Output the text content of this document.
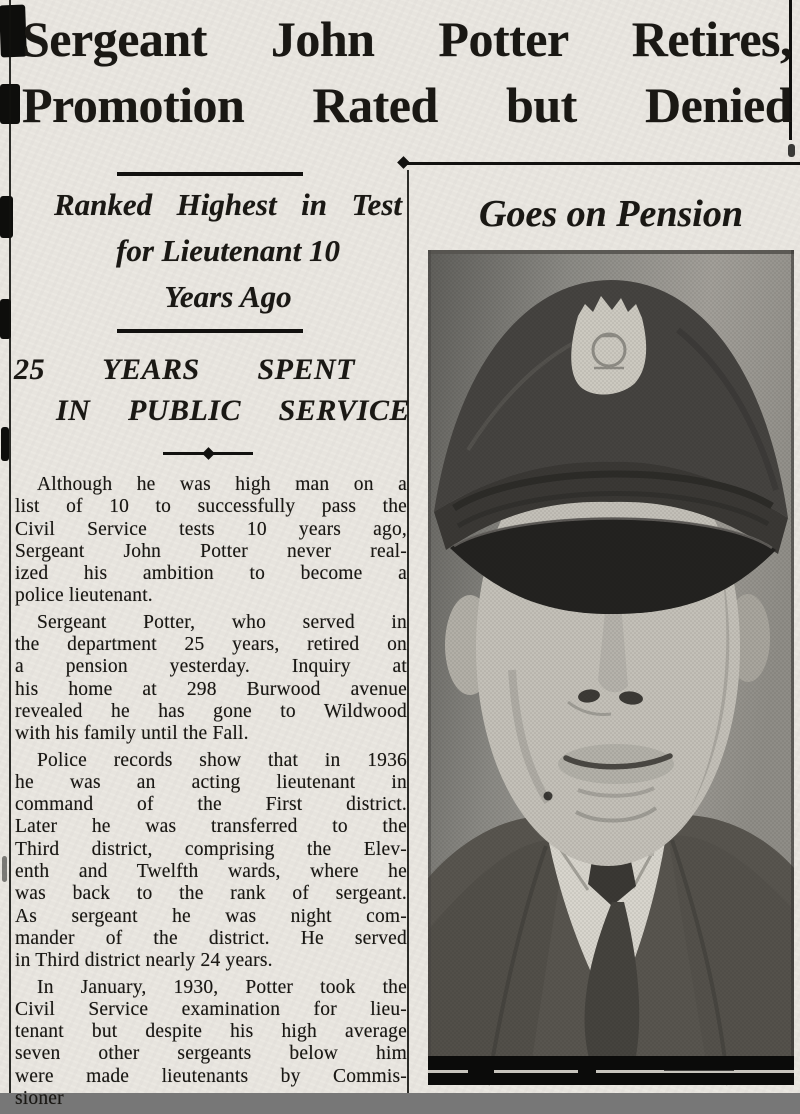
Sergeant John Potter Retires,
Promotion Rated but Denied
Ranked Highest in Test
for Lieutenant 10
Years Ago
25 YEARS SPENT
IN PUBLIC SERVICE
Although he was high man on a
list of 10 to successfully pass the
Civil Service tests 10 years ago,
Sergeant John Potter never real-
ized his ambition to become a
police lieutenant.
Sergeant Potter, who served in
the department 25 years, retired on
a pension yesterday. Inquiry at
his home at 298 Burwood avenue
revealed he has gone to Wildwood
with his family until the Fall.
Police records show that in 1936
he was an acting lieutenant in
command of the First district.
Later he was transferred to the
Third district, comprising the Elev-
enth and Twelfth wards, where he
was back to the rank of sergeant.
As sergeant he was night com-
mander of the district. He served
in Third district nearly 24 years.
In January, 1930, Potter took the
Civil Service examination for lieu-
tenant but despite his high average
seven other sergeants below him
were made lieutenants by Commis-
sioner
Goes on Pension
